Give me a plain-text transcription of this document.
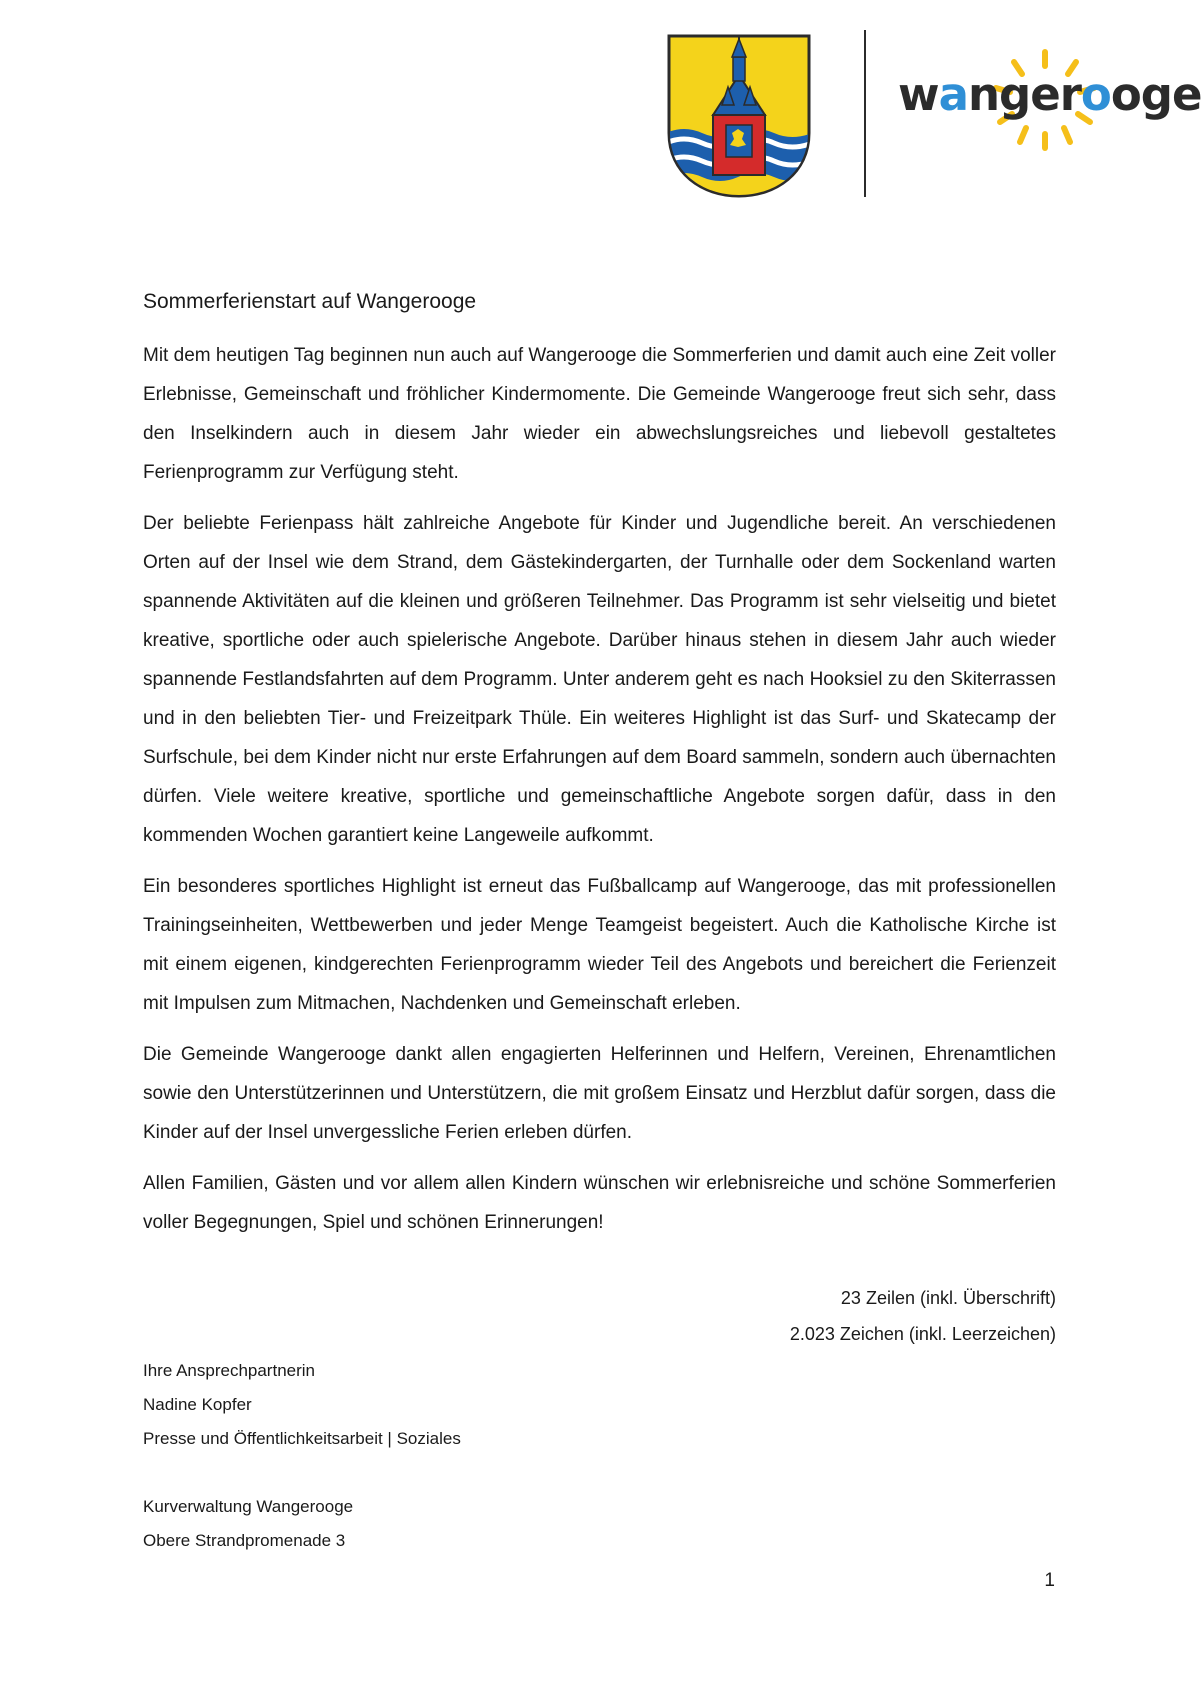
wangerooge
Sommerferienstart auf Wangerooge

Mit dem heutigen Tag beginnen nun auch auf Wangerooge die Sommerferien und damit auch eine Zeit voller Erlebnisse, Gemeinschaft und fröhlicher Kindermomente. Die Gemeinde Wangerooge freut sich sehr, dass den Inselkindern auch in diesem Jahr wieder ein abwechslungsreiches und liebevoll gestaltetes Ferienprogramm zur Verfügung steht.

Der beliebte Ferienpass hält zahlreiche Angebote für Kinder und Jugendliche bereit. An verschiedenen Orten auf der Insel wie dem Strand, dem Gästekindergarten, der Turnhalle oder dem Sockenland warten spannende Aktivitäten auf die kleinen und größeren Teilnehmer. Das Programm ist sehr vielseitig und bietet kreative, sportliche oder auch spielerische Angebote. Darüber hinaus stehen in diesem Jahr auch wieder spannende Festlandsfahrten auf dem Programm. Unter anderem geht es nach Hooksiel zu den Skiterrassen und in den beliebten Tier- und Freizeitpark Thüle. Ein weiteres Highlight ist das Surf- und Skatecamp der Surfschule, bei dem Kinder nicht nur erste Erfahrungen auf dem Board sammeln, sondern auch übernachten dürfen. Viele weitere kreative, sportliche und gemeinschaftliche Angebote sorgen dafür, dass in den kommenden Wochen garantiert keine Langeweile aufkommt.

Ein besonderes sportliches Highlight ist erneut das Fußballcamp auf Wangerooge, das mit professionellen Trainingseinheiten, Wettbewerben und jeder Menge Teamgeist begeistert. Auch die Katholische Kirche ist mit einem eigenen, kindgerechten Ferienprogramm wieder Teil des Angebots und bereichert die Ferienzeit mit Impulsen zum Mitmachen, Nachdenken und Gemeinschaft erleben.

Die Gemeinde Wangerooge dankt allen engagierten Helferinnen und Helfern, Vereinen, Ehrenamtlichen sowie den Unterstützerinnen und Unterstützern, die mit großem Einsatz und Herzblut dafür sorgen, dass die Kinder auf der Insel unvergessliche Ferien erleben dürfen.

Allen Familien, Gästen und vor allem allen Kindern wünschen wir erlebnisreiche und schöne Sommerferien voller Begegnungen, Spiel und schönen Erinnerungen!

23 Zeilen (inkl. Überschrift)
2.023 Zeichen (inkl. Leerzeichen)
Ihre Ansprechpartnerin
Nadine Kopfer
Presse und Öffentlichkeitsarbeit | Soziales
Kurverwaltung Wangerooge
Obere Strandpromenade 3
1
